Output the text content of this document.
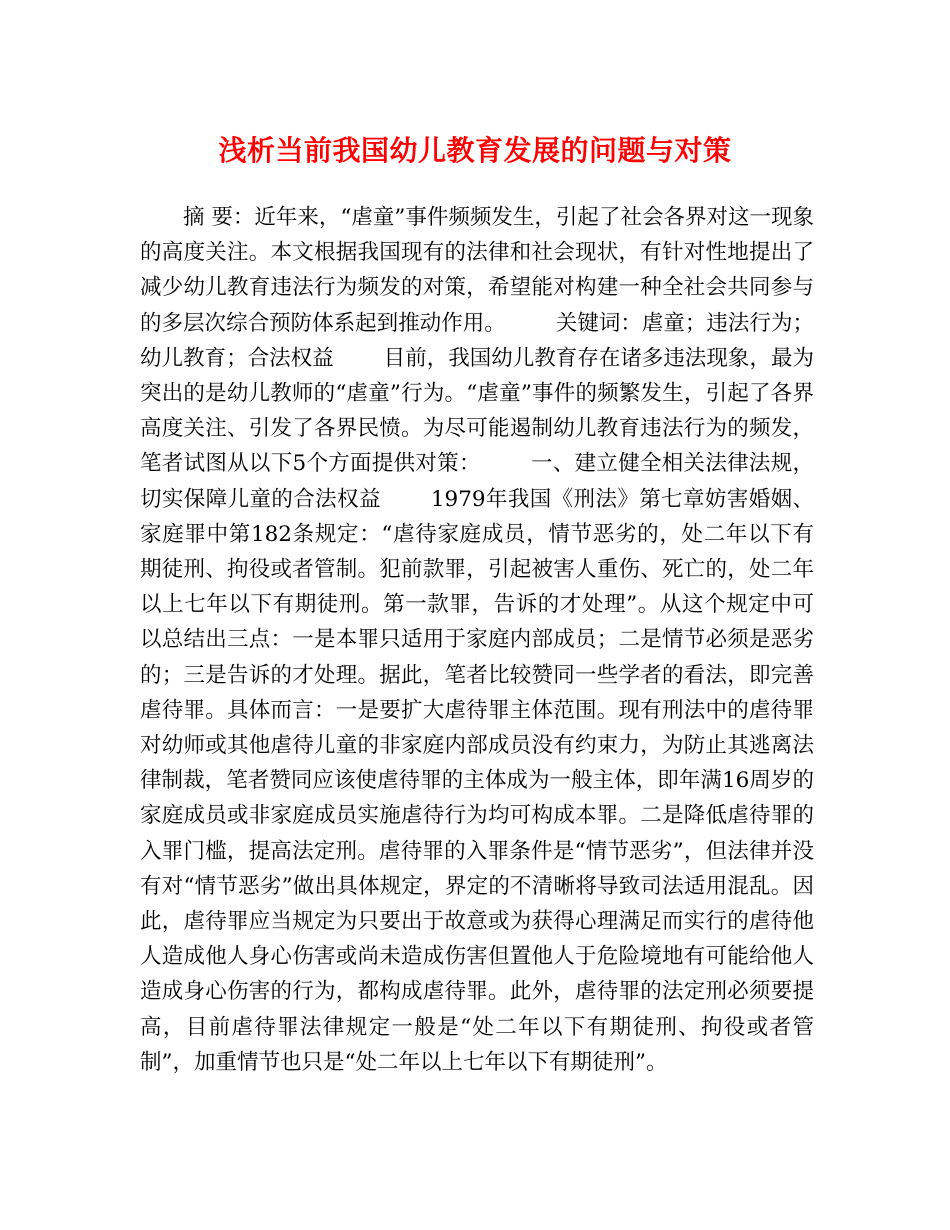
浅析当前我国幼儿教育发展的问题与对策

摘 要：近年来，“虐童”事件频频发生，引起了社会各界对这一现象的高度关注。本文根据我国现有的法律和社会现状，有针对性地提出了减少幼儿教育违法行为频发的对策，希望能对构建一种全社会共同参与的多层次综合预防体系起到推动作用。 关键词：虐童；违法行为；幼儿教育；合法权益 目前，我国幼儿教育存在诸多违法现象，最为突出的是幼儿教师的“虐童”行为。“虐童”事件的频繁发生，引起了各界高度关注、引发了各界民愤。为尽可能遏制幼儿教育违法行为的频发，笔者试图从以下5个方面提供对策： 一、建立健全相关法律法规，切实保障儿童的合法权益 1979年我国《刑法》第七章妨害婚姻、家庭罪中第182条规定：“虐待家庭成员，情节恶劣的，处二年以下有期徒刑、拘役或者管制。犯前款罪，引起被害人重伤、死亡的，处二年以上七年以下有期徒刑。第一款罪，告诉的才处理”。从这个规定中可以总结出三点：一是本罪只适用于家庭内部成员；二是情节必须是恶劣的；三是告诉的才处理。据此，笔者比较赞同一些学者的看法，即完善虐待罪。具体而言：一是要扩大虐待罪主体范围。现有刑法中的虐待罪对幼师或其他虐待儿童的非家庭内部成员没有约束力，为防止其逃离法律制裁，笔者赞同应该使虐待罪的主体成为一般主体，即年满16周岁的家庭成员或非家庭成员实施虐待行为均可构成本罪。二是降低虐待罪的入罪门槛，提高法定刑。虐待罪的入罪条件是“情节恶劣”，但法律并没有对“情节恶劣”做出具体规定，界定的不清晰将导致司法适用混乱。因此，虐待罪应当规定为只要出于故意或为获得心理满足而实行的虐待他人造成他人身心伤害或尚未造成伤害但置他人于危险境地有可能给他人造成身心伤害的行为，都构成虐待罪。此外，虐待罪的法定刑必须要提高，目前虐待罪法律规定一般是“处二年以下有期徒刑、拘役或者管制”，加重情节也只是“处二年以上七年以下有期徒刑”。
